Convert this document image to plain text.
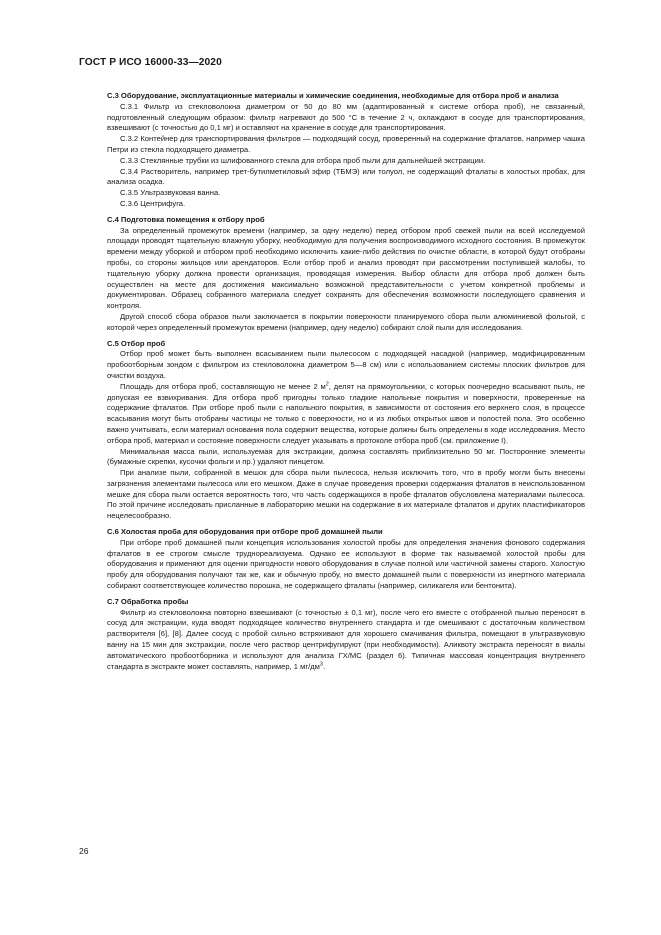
ГОСТ Р ИСО 16000-33—2020
С.3 Оборудование, эксплуатационные материалы и химические соединения, необходимые для отбора проб и анализа

С.3.1 Фильтр из стекловолокна диаметром от 50 до 80 мм (адаптированный к системе отбора проб), не связанный, подготовленный следующим образом: фильтр нагревают до 500 °С в течение 2 ч, охлаждают в сосуде для транспортирования, взвешивают (с точностью до 0,1 мг) и оставляют на хранение в сосуде для транспортирования.

С.3.2 Контейнер для транспортирования фильтров — подходящий сосуд, проверенный на содержание фталатов, например чашка Петри из стекла подходящего диаметра.

С.3.3 Стеклянные трубки из шлифованного стекла для отбора проб пыли для дальнейшей экстракции.

С.3.4 Растворитель, например трет-бутилметиловый эфир (ТБМЭ) или толуол, не содержащий фталаты в холостых пробах, для анализа осадка.

С.3.5 Ультразвуковая ванна.

С.3.6 Центрифуга.

С.4 Подготовка помещения к отбору проб

За определенный промежуток времени (например, за одну неделю) перед отбором проб свежей пыли на всей исследуемой площади проводят тщательную влажную уборку, необходимую для получения воспроизводимого исходного состояния. В промежуток времени между уборкой и отбором проб необходимо исключить какие-либо действия по очистке области, в которой будут отобраны пробы, со стороны жильцов или арендаторов. Если отбор проб и анализ проводят при рассмотрении поступившей жалобы, то тщательную уборку должна провести организация, проводящая измерения. Выбор области для отбора проб должен быть осуществлен на месте для достижения максимально возможной представительности с учетом конкретной проблемы и документирован. Образец собранного материала следует сохранять для обеспечения возможности последующего сравнения и контроля.

Другой способ сбора образов пыли заключается в покрытии поверхности планируемого сбора пыли алюминиевой фольгой, с которой через определенный промежуток времени (например, одну неделю) собирают слой пыли для исследования.

С.5 Отбор проб

Отбор проб может быть выполнен всасыванием пыли пылесосом с подходящей насадкой (например, модифицированным пробоотборным зондом с фильтром из стекловолокна диаметром 5—8 см) или с использованием системы плоских фильтров для очистки воздуха.

Площадь для отбора проб, составляющую не менее 2 $м^2$, делят на прямоугольники, с которых поочередно всасывают пыль, не допуская ее взвихривания. Для отбора проб пригодны только гладкие напольные покрытия и поверхности, проверенные на содержание фталатов. При отборе проб пыли с напольного покрытия, в зависимости от состояния его верхнего слоя, в процессе всасывания могут быть отобраны частицы не только с поверхности, но и из любых открытых швов и полостей пола. Это особенно важно учитывать, если материал основания пола содержит вещества, которые должны быть определены в ходе исследования. Место отбора проб, материал и состояние поверхности следует указывать в протоколе отбора проб (см. приложение I).

Минимальная масса пыли, используемая для экстракции, должна составлять приблизительно 50 мг. Посторонние элементы (бумажные скрепки, кусочки фольги и пр.) удаляют пинцетом.

При анализе пыли, собранной в мешок для сбора пыли пылесоса, нельзя исключить того, что в пробу могли быть внесены загрязнения элементами пылесоса или его мешком. Даже в случае проведения проверки содержания фталатов в неиспользованном мешке для сбора пыли остается вероятность того, что часть содержащихся в пробе фталатов обусловлена материалами пылесоса. По этой причине исследовать присланные в лабораторию мешки на содержание в их материале фталатов и других пластификаторов нецелесообразно.

С.6 Холостая проба для оборудования при отборе проб домашней пыли

При отборе проб домашней пыли концепция использования холостой пробы для определения значения фонового содержания фталатов в ее строгом смысле труднореализуема. Однако ее используют в форме так называемой холостой пробы для оборудования и применяют для оценки пригодности нового оборудования в случае полной или частичной замены старого. Холостую пробу для оборудования получают так же, как и обычную пробу, но вместо домашней пыли с поверхности из инертного материала собирают соответствующее количество порошка, не содержащего фталаты (например, силикагеля или бентонита).

С.7 Обработка пробы

Фильтр из стекловолокна повторно взвешивают (с точностью ± 0,1 мг), после чего его вместе с отобранной пылью переносят в сосуд для экстракции, куда вводят подходящее количество внутреннего стандарта и где смешивают с достаточным количеством растворителя [6], [8]. Далее сосуд с пробой сильно встряхивают для хорошего смачивания фильтра, помещают в ультразвуковую ванну на 15 мин для экстракции, после чего раствор центрифугируют (при необходимости). Аликвоту экстракта переносят в виалы автоматического пробоотборника и используют для анализа ГХ/МС (раздел 6). Типичная массовая концентрация внутреннего стандарта в экстракте может составлять, например, 1 $мг/дм^3$.

26
